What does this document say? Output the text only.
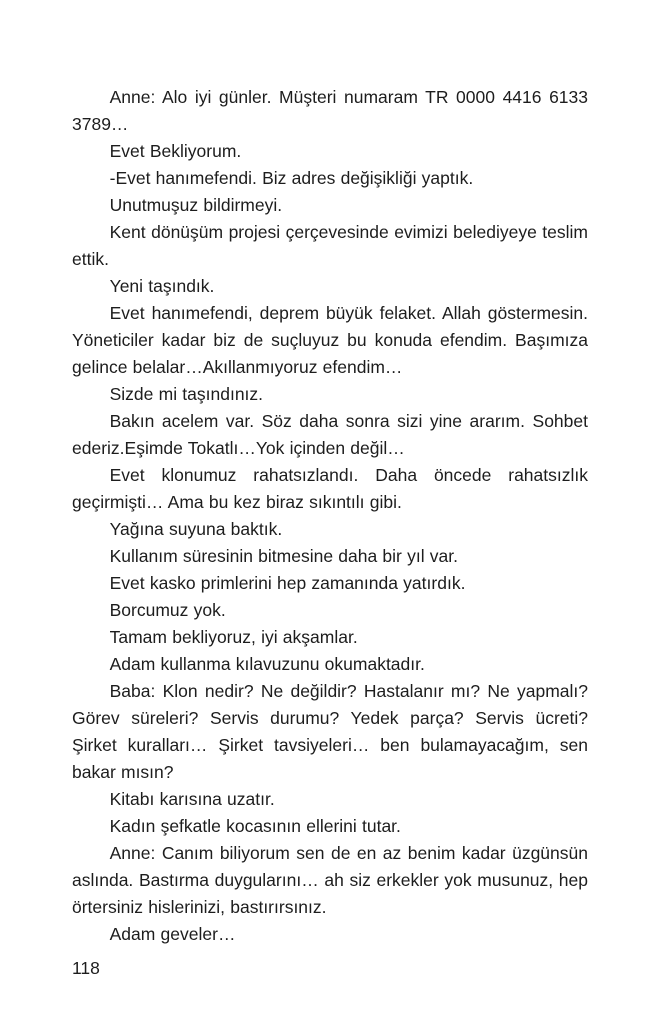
Anne: Alo iyi günler. Müşteri numaram TR 0000 4416 6133 3789…

Evet Bekliyorum.

-Evet hanımefendi. Biz adres değişikliği yaptık.

Unutmuşuz bildirmeyi.

Kent dönüşüm projesi çerçevesinde evimizi belediyeye teslim ettik.

Yeni taşındık.

Evet hanımefendi, deprem büyük felaket. Allah göstermesin. Yöneticiler kadar biz de suçluyuz bu konuda efendim. Başımıza gelince belalar…Akıllanmıyoruz efendim…

Sizde mi taşındınız.

Bakın acelem var. Söz daha sonra sizi yine ararım. Sohbet ederiz.Eşimde Tokatlı…Yok içinden değil…

Evet klonumuz rahatsızlandı. Daha öncede rahatsızlık geçirmişti… Ama bu kez biraz sıkıntılı gibi.

Yağına suyuna baktık.

Kullanım süresinin bitmesine daha bir yıl var.

Evet kasko primlerini hep zamanında yatırdık.

Borcumuz yok.

Tamam bekliyoruz, iyi akşamlar.

Adam kullanma kılavuzunu okumaktadır.

Baba: Klon nedir? Ne değildir? Hastalanır mı? Ne yapmalı? Görev süreleri? Servis durumu? Yedek parça? Servis ücreti? Şirket kuralları… Şirket tavsiyeleri… ben bulamayacağım, sen bakar mısın?

Kitabı karısına uzatır.

Kadın şefkatle kocasının ellerini tutar.

Anne: Canım biliyorum sen de en az benim kadar üzgünsün aslında. Bastırma duygularını… ah siz erkekler yok musunuz, hep örtersiniz hislerinizi, bastırırsınız.

Adam geveler…

118
